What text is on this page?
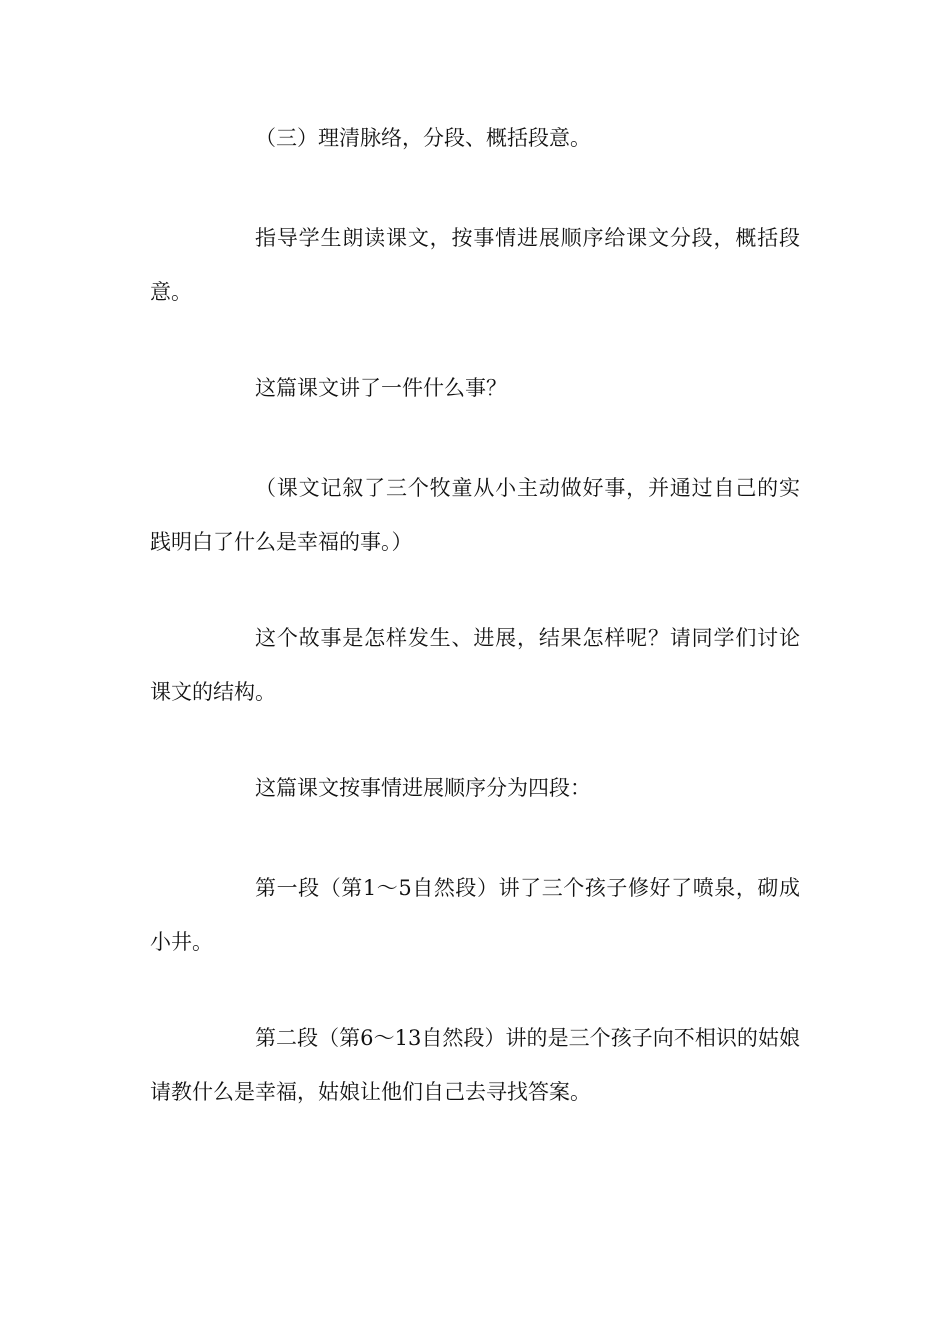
（三）理清脉络，分段、概括段意。

指导学生朗读课文，按事情进展顺序给课文分段，概括段意。

这篇课文讲了一件什么事？

（课文记叙了三个牧童从小主动做好事，并通过自己的实践明白了什么是幸福的事。）

这个故事是怎样发生、进展，结果怎样呢？请同学们讨论课文的结构。

这篇课文按事情进展顺序分为四段：

第一段（第1～5自然段）讲了三个孩子修好了喷泉，砌成小井。

第二段（第6～13自然段）讲的是三个孩子向不相识的姑娘请教什么是幸福，姑娘让他们自己去寻找答案。
